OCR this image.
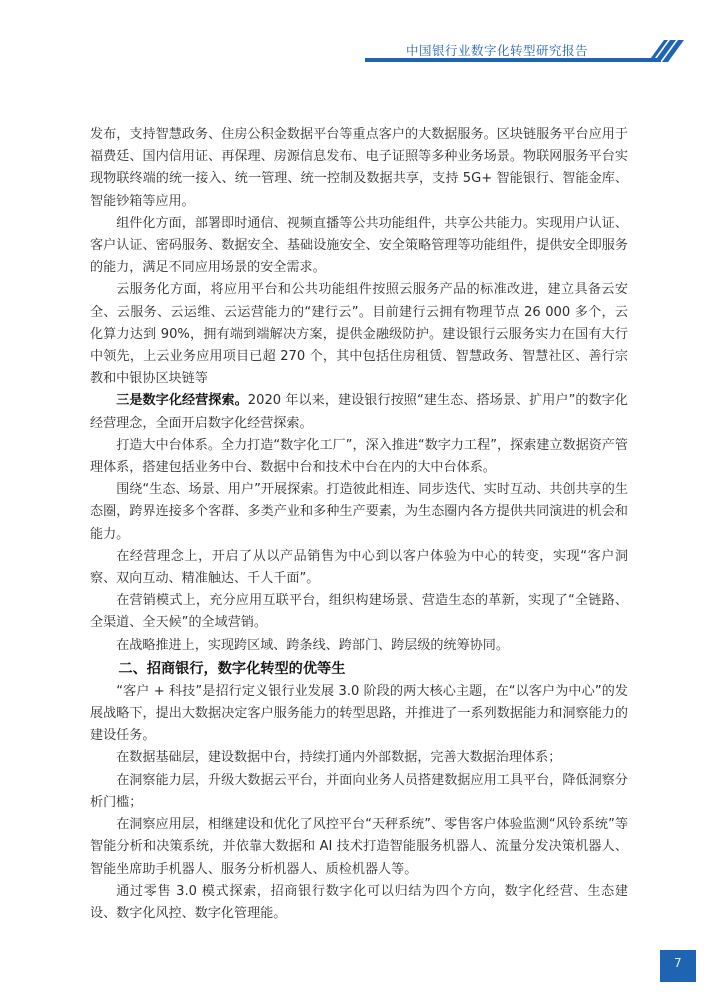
中国银行业数字化转型研究报告

发布，支持智慧政务、住房公积金数据平台等重点客户的大数据服务。区块链服务平台应用于福费廷、国内信用证、再保理、房源信息发布、电子证照等多种业务场景。物联网服务平台实现物联终端的统一接入、统一管理、统一控制及数据共享，支持 5G+ 智能银行、智能金库、智能钞箱等应用。

组件化方面，部署即时通信、视频直播等公共功能组件，共享公共能力。实现用户认证、客户认证、密码服务、数据安全、基础设施安全、安全策略管理等功能组件，提供安全即服务的能力，满足不同应用场景的安全需求。

云服务化方面，将应用平台和公共功能组件按照云服务产品的标准改进，建立具备云安全、云服务、云运维、云运营能力的“建行云”。目前建行云拥有物理节点 26 000 多个，云化算力达到 90%，拥有端到端解决方案，提供金融级防护。建设银行云服务实力在国有大行中领先，上云业务应用项目已超 270 个，其中包括住房租赁、智慧政务、智慧社区、善行宗教和中银协区块链等

三是数字化经营探索。2020 年以来，建设银行按照“建生态、搭场景、扩用户”的数字化经营理念，全面开启数字化经营探索。

打造大中台体系。全力打造“数字化工厂”，深入推进“数字力工程”，探索建立数据资产管理体系，搭建包括业务中台、数据中台和技术中台在内的大中台体系。

围绕“生态、场景、用户”开展探索。打造彼此相连、同步迭代、实时互动、共创共享的生态圈，跨界连接多个客群、多类产业和多种生产要素，为生态圈内各方提供共同演进的机会和能力。

在经营理念上，开启了从以产品销售为中心到以客户体验为中心的转变，实现“客户洞察、双向互动、精准触达、千人千面”。

在营销模式上，充分应用互联平台，组织构建场景、营造生态的革新，实现了“全链路、全渠道、全天候”的全域营销。

在战略推进上，实现跨区域、跨条线、跨部门、跨层级的统筹协同。

二、招商银行，数字化转型的优等生

“客户 + 科技”是招行定义银行业发展 3.0 阶段的两大核心主题，在“以客户为中心”的发展战略下，提出大数据决定客户服务能力的转型思路，并推进了一系列数据能力和洞察能力的建设任务。

在数据基础层，建设数据中台，持续打通内外部数据，完善大数据治理体系；

在洞察能力层，升级大数据云平台，并面向业务人员搭建数据应用工具平台，降低洞察分析门槛；

在洞察应用层，相继建设和优化了风控平台“天秤系统”、零售客户体验监测“风铃系统”等智能分析和决策系统，并依靠大数据和 AI 技术打造智能服务机器人、流量分发决策机器人、智能坐席助手机器人、服务分析机器人、质检机器人等。

通过零售 3.0 模式探索，招商银行数字化可以归结为四个方向，数字化经营、生态建设、数字化风控、数字化管理能。

7
